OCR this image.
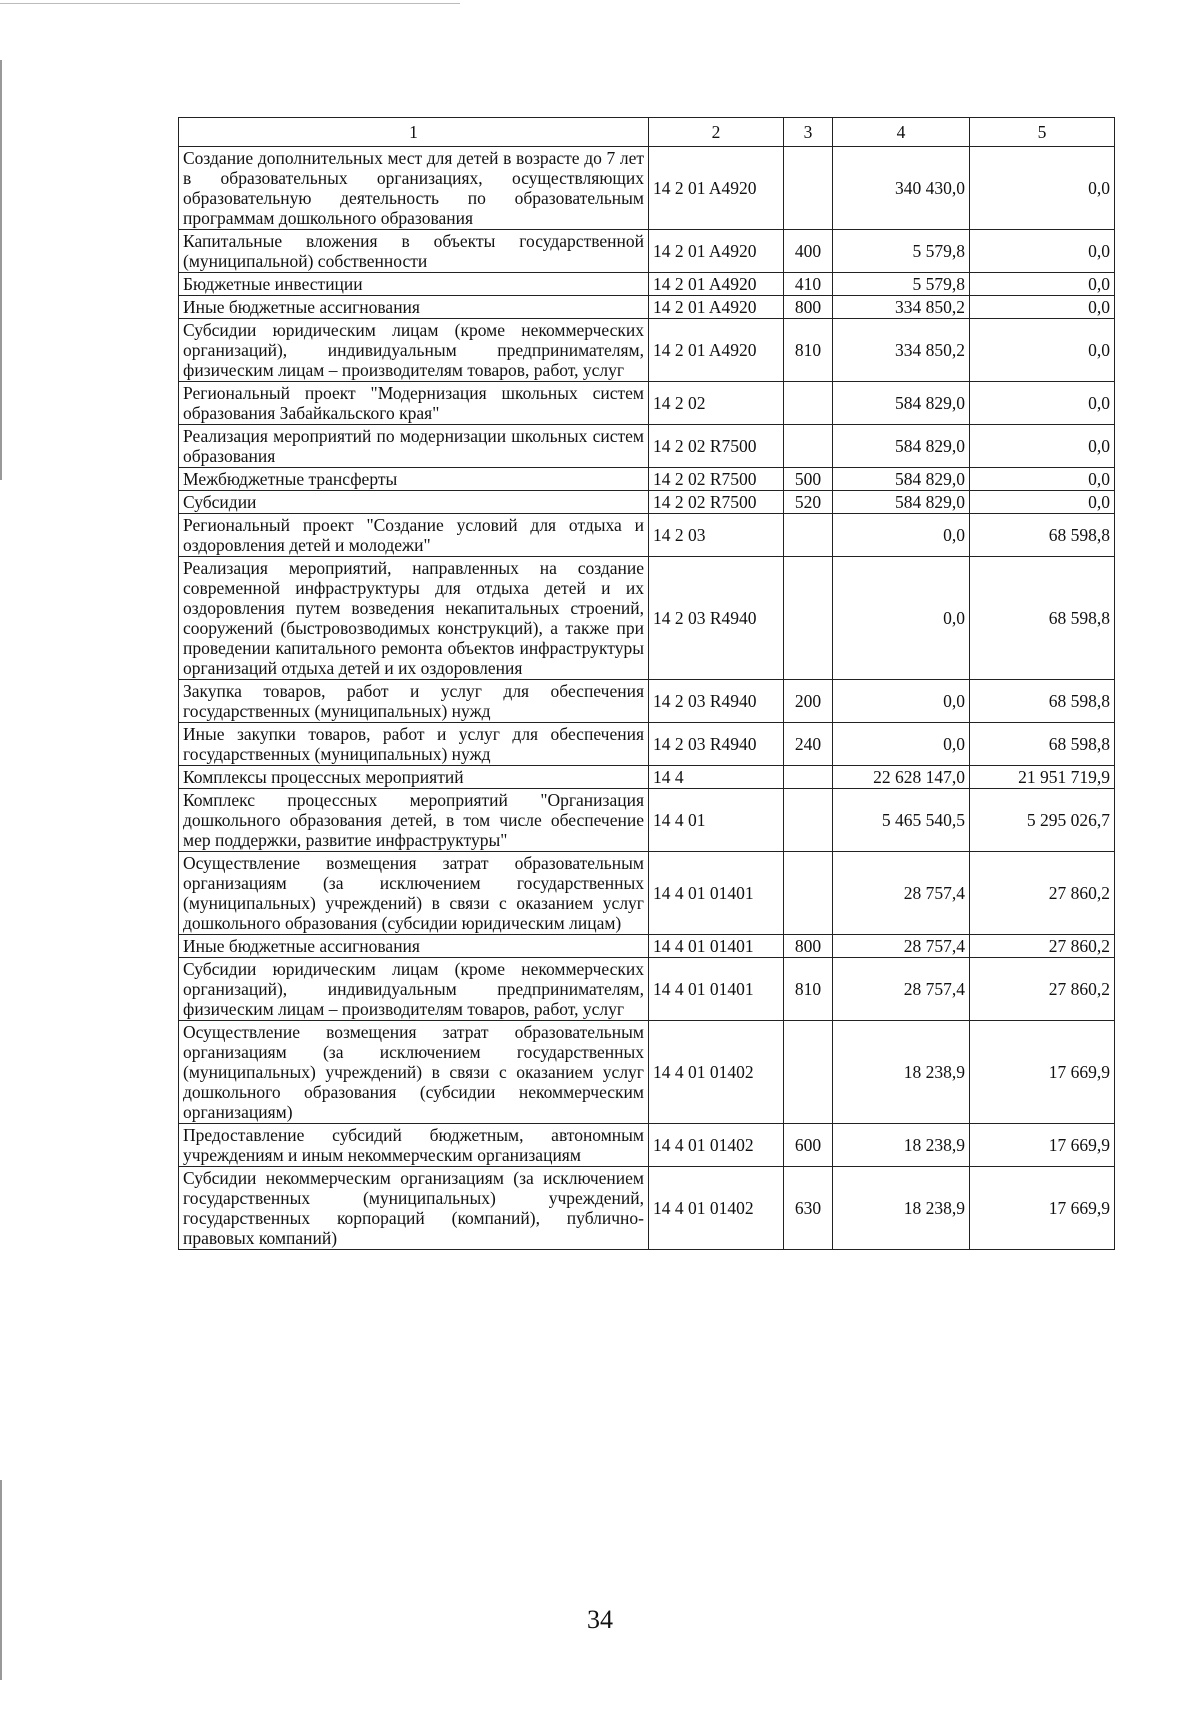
1	2	3	4	5
Создание дополнительных мест для детей в возрасте до 7 лет в образовательных организациях, осуществляющих образовательную деятельность по образовательным программам дошкольного образования	14 2 01 A4920		340 430,0	0,0
Капитальные вложения в объекты государственной (муниципальной) собственности	14 2 01 A4920	400	5 579,8	0,0
Бюджетные инвестиции	14 2 01 A4920	410	5 579,8	0,0
Иные бюджетные ассигнования	14 2 01 A4920	800	334 850,2	0,0
Субсидии юридическим лицам (кроме некоммерческих организаций), индивидуальным предпринимателям, физическим лицам – производителям товаров, работ, услуг	14 2 01 A4920	810	334 850,2	0,0
Региональный проект "Модернизация школьных систем образования Забайкальского края"	14 2 02		584 829,0	0,0
Реализация мероприятий по модернизации школьных систем образования	14 2 02 R7500		584 829,0	0,0
Межбюджетные трансферты	14 2 02 R7500	500	584 829,0	0,0
Субсидии	14 2 02 R7500	520	584 829,0	0,0
Региональный проект "Создание условий для отдыха и оздоровления детей и молодежи"	14 2 03		0,0	68 598,8
Реализация мероприятий, направленных на создание современной инфраструктуры для отдыха детей и их оздоровления путем возведения некапитальных строений, сооружений (быстровозводимых конструкций), а также при проведении капитального ремонта объектов инфраструктуры организаций отдыха детей и их оздоровления	14 2 03 R4940		0,0	68 598,8
Закупка товаров, работ и услуг для обеспечения государственных (муниципальных) нужд	14 2 03 R4940	200	0,0	68 598,8
Иные закупки товаров, работ и услуг для обеспечения государственных (муниципальных) нужд	14 2 03 R4940	240	0,0	68 598,8
Комплексы процессных мероприятий	14 4		22 628 147,0	21 951 719,9
Комплекс процессных мероприятий "Организация дошкольного образования детей, в том числе обеспечение мер поддержки, развитие инфраструктуры"	14 4 01		5 465 540,5	5 295 026,7
Осуществление возмещения затрат образовательным организациям (за исключением государственных (муниципальных) учреждений) в связи с оказанием услуг дошкольного образования (субсидии юридическим лицам)	14 4 01 01401		28 757,4	27 860,2
Иные бюджетные ассигнования	14 4 01 01401	800	28 757,4	27 860,2
Субсидии юридическим лицам (кроме некоммерческих организаций), индивидуальным предпринимателям, физическим лицам – производителям товаров, работ, услуг	14 4 01 01401	810	28 757,4	27 860,2
Осуществление возмещения затрат образовательным организациям (за исключением государственных (муниципальных) учреждений) в связи с оказанием услуг дошкольного образования (субсидии некоммерческим организациям)	14 4 01 01402		18 238,9	17 669,9
Предоставление субсидий бюджетным, автономным учреждениям и иным некоммерческим организациям	14 4 01 01402	600	18 238,9	17 669,9
Субсидии некоммерческим организациям (за исключением государственных (муниципальных) учреждений, государственных корпораций (компаний), публично-правовых компаний)	14 4 01 01402	630	18 238,9	17 669,9
34
